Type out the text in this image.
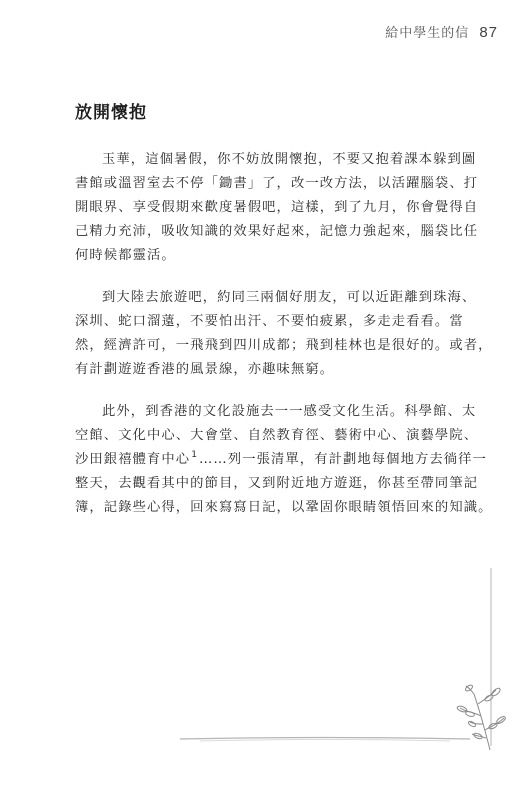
給中學生的信 87
放開懷抱

玉華，這個暑假，你不妨放開懷抱，不要又抱着課本躲到圖
書館或溫習室去不停「鋤書」了，改一改方法，以活躍腦袋、打
開眼界、享受假期來歡度暑假吧，這樣，到了九月，你會覺得自
己精力充沛，吸收知識的效果好起來，記憶力強起來，腦袋比任
何時候都靈活。

到大陸去旅遊吧，約同三兩個好朋友，可以近距離到珠海、
深圳、蛇口溜薳，不要怕出汗、不要怕疲累，多走走看看。當
然，經濟許可，一飛飛到四川成都；飛到桂林也是很好的。或者，
有計劃遊遊香港的風景線，亦趣味無窮。

此外，到香港的文化設施去一一感受文化生活。科學館、太
空館、文化中心、大會堂、自然教育徑、藝術中心、演藝學院、
沙田銀禧體育中心$^1$……列一張清單，有計劃地每個地方去徜徉一
整天，去觀看其中的節目，又到附近地方遊逛，你甚至帶同筆記
簿，記錄些心得，回來寫寫日記，以鞏固你眼睛領悟回來的知識。
